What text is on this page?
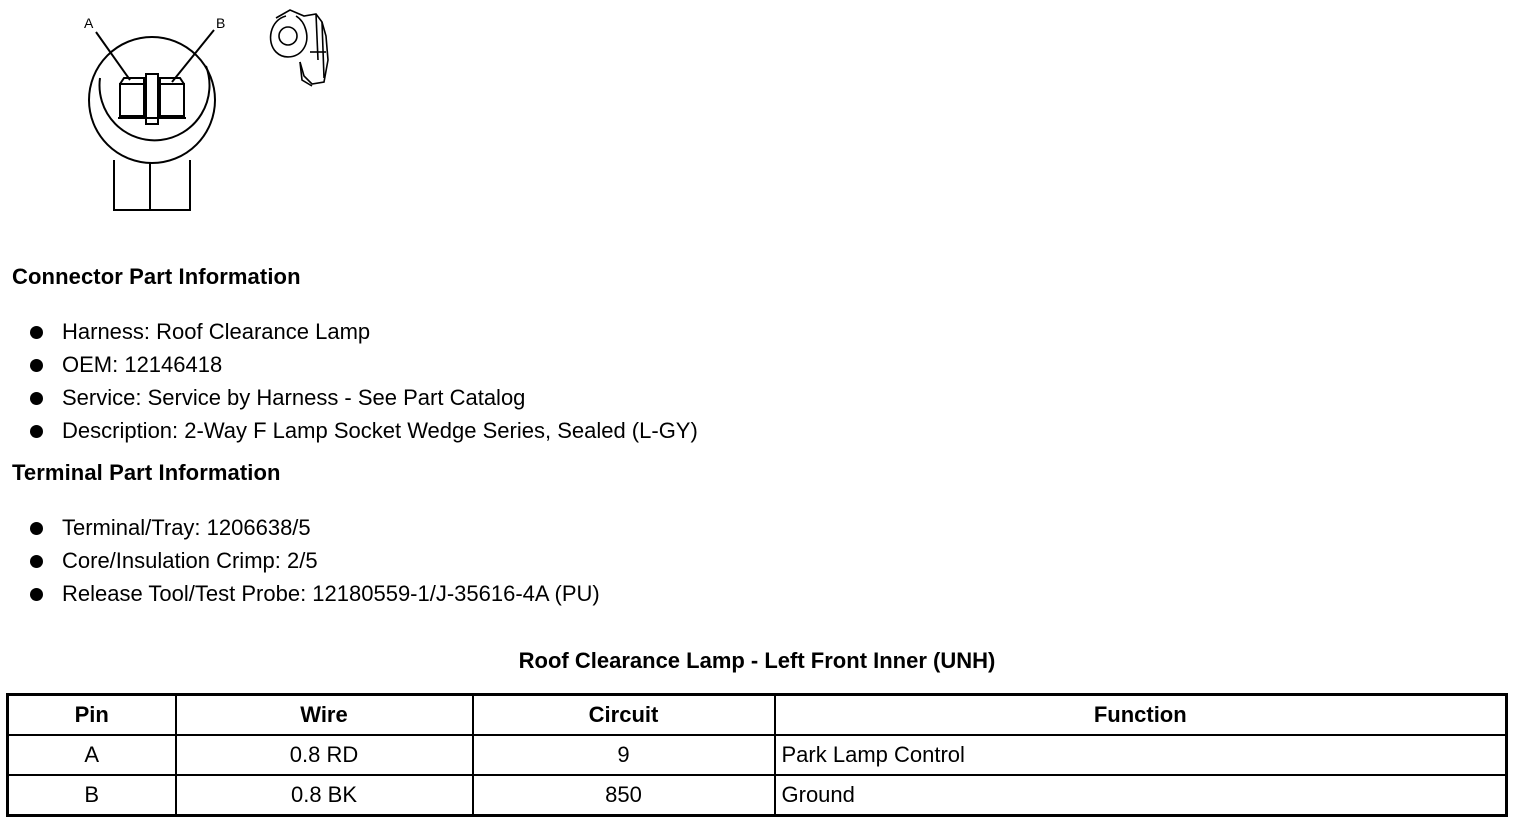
A	B
Connector Part Information
Harness: Roof Clearance Lamp
OEM: 12146418
Service: Service by Harness - See Part Catalog
Description: 2-Way F Lamp Socket Wedge Series, Sealed (L-GY)
Terminal Part Information
Terminal/Tray: 1206638/5
Core/Insulation Crimp: 2/5
Release Tool/Test Probe: 12180559-1/J-35616-4A (PU)
Roof Clearance Lamp - Left Front Inner (UNH)
Pin	Wire	Circuit	Function
A	0.8 RD	9	Park Lamp Control
B	0.8 BK	850	Ground
